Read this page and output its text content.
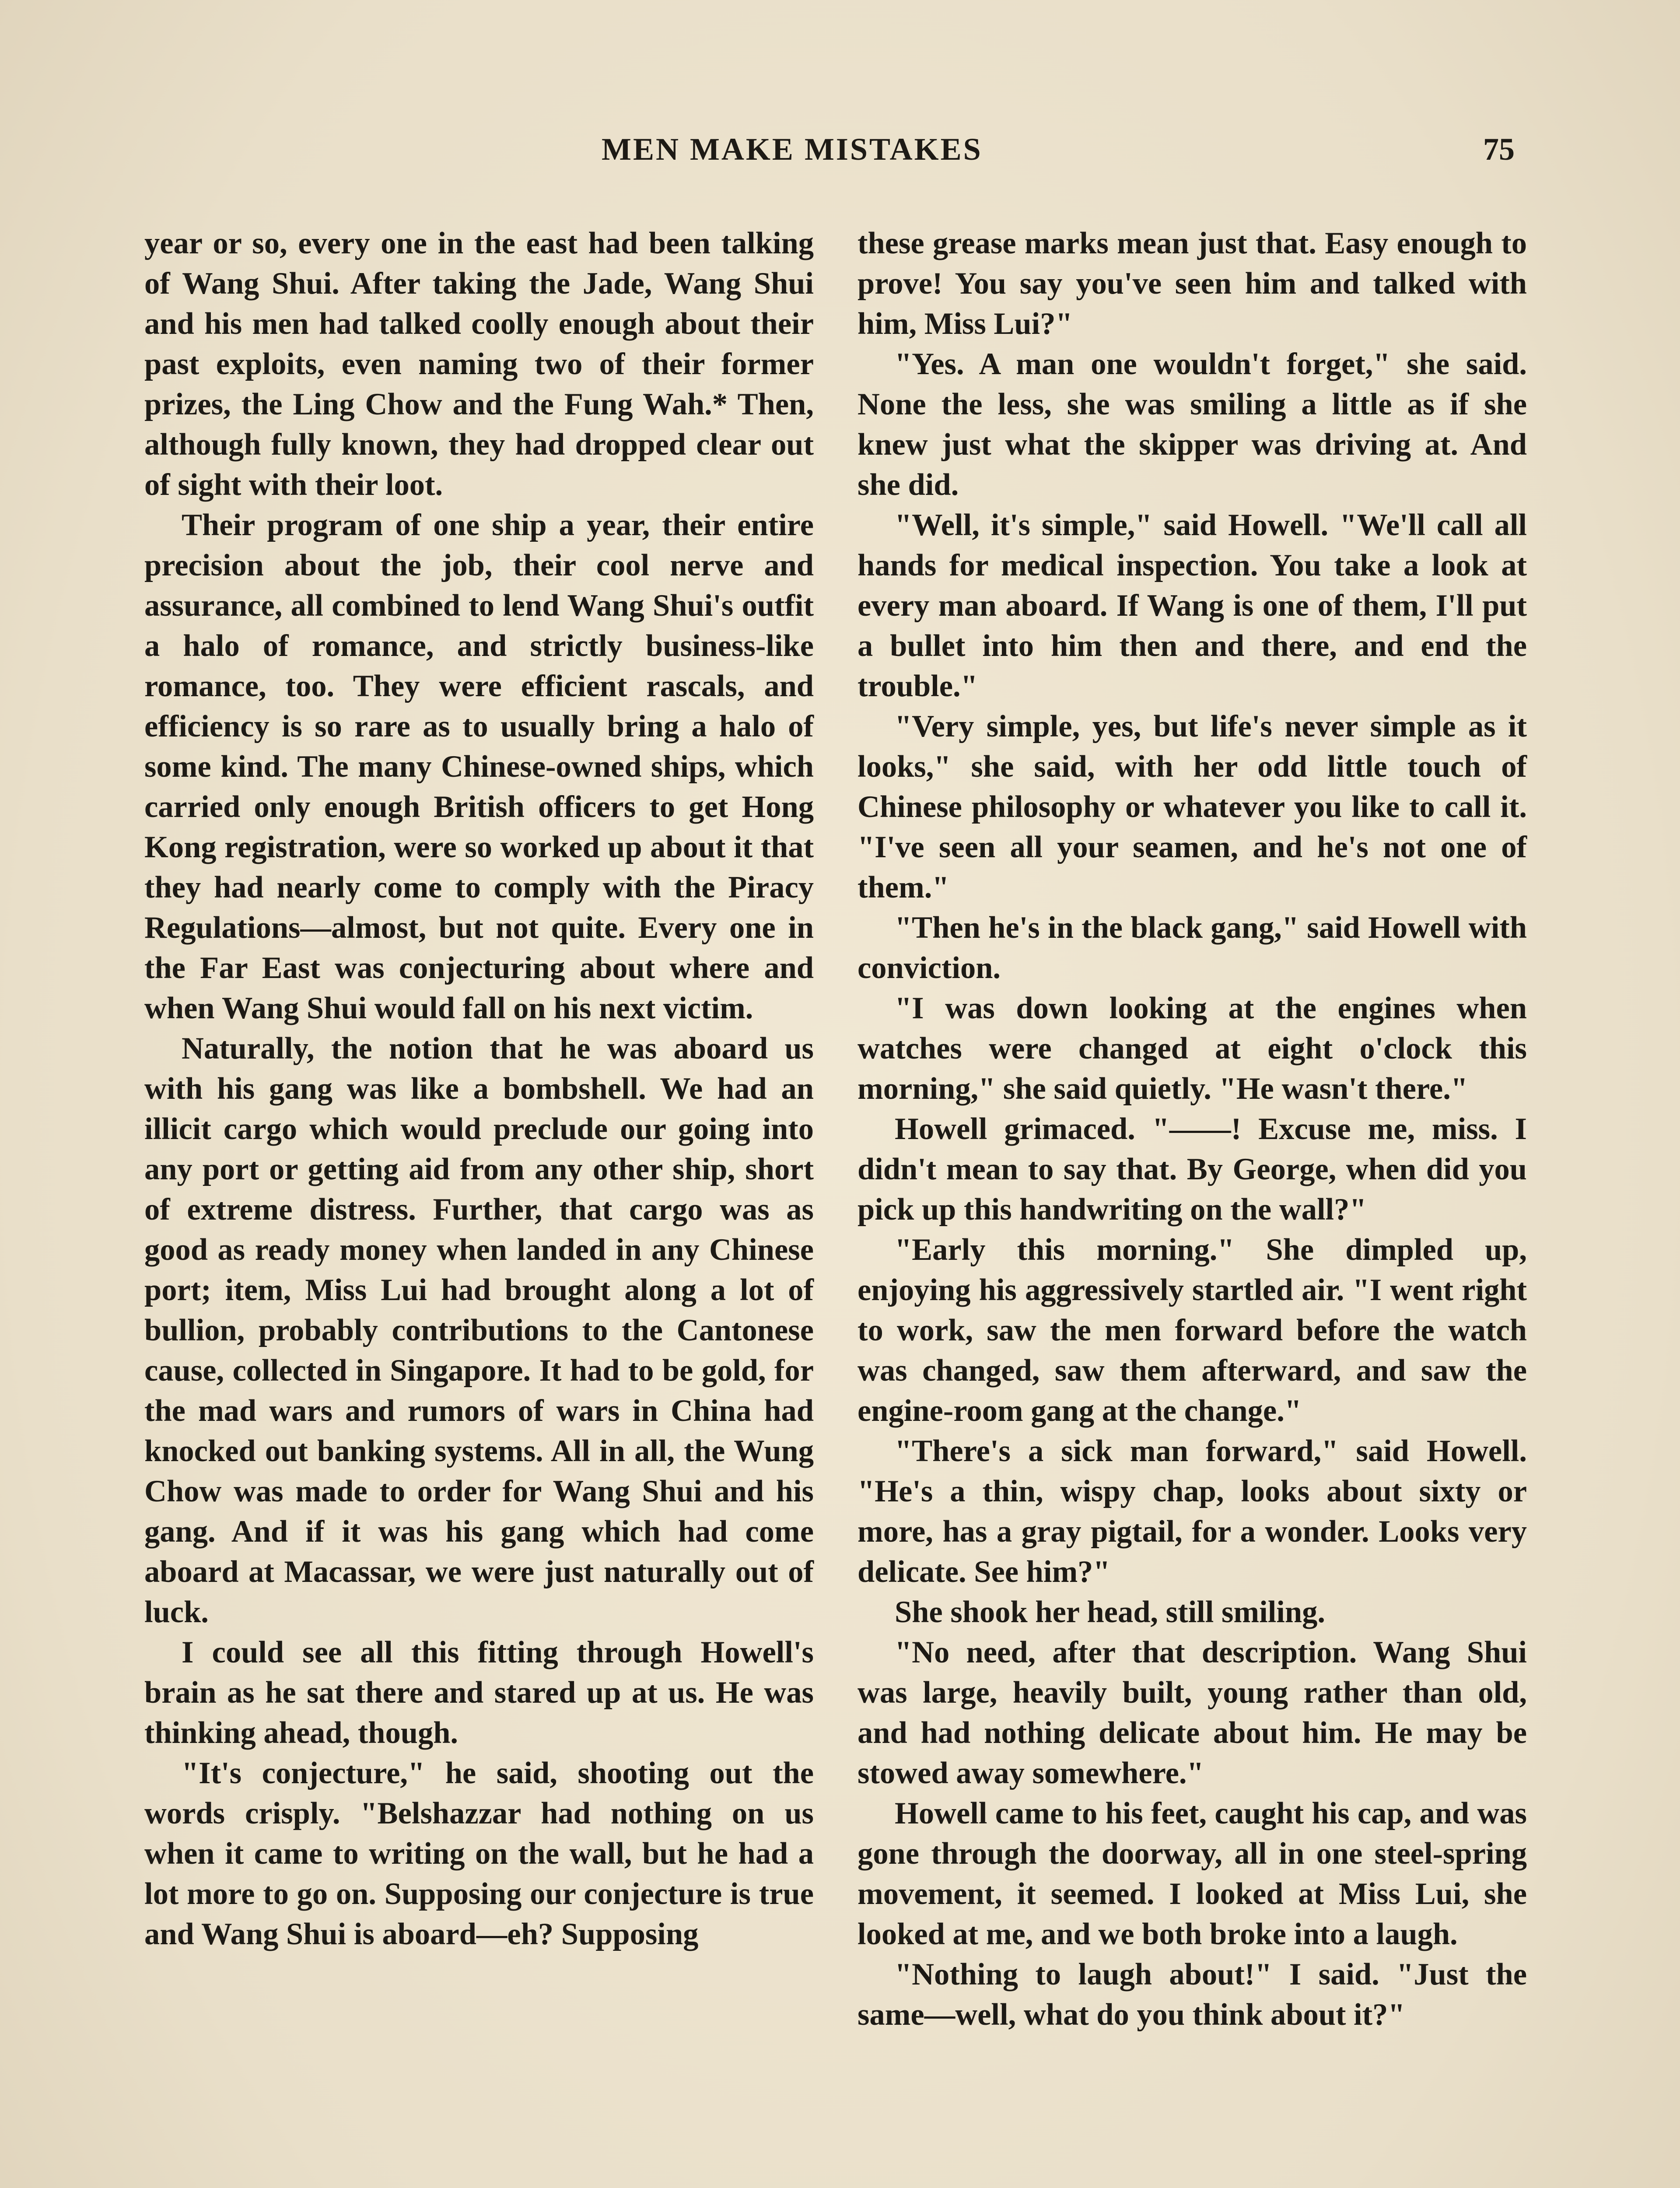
MEN MAKE MISTAKES	75

year or so, every one in the east had been talking of Wang Shui. After taking the Jade, Wang Shui and his men had talked coolly enough about their past exploits, even naming two of their former prizes, the Ling Chow and the Fung Wah.* Then, although fully known, they had dropped clear out of sight with their loot.

Their program of one ship a year, their entire precision about the job, their cool nerve and assurance, all combined to lend Wang Shui's outfit a halo of romance, and strictly business-like romance, too. They were efficient rascals, and efficiency is so rare as to usually bring a halo of some kind. The many Chinese-owned ships, which carried only enough British officers to get Hong Kong registration, were so worked up about it that they had nearly come to comply with the Piracy Regulations—almost, but not quite. Every one in the Far East was conjecturing about where and when Wang Shui would fall on his next victim.

Naturally, the notion that he was aboard us with his gang was like a bombshell. We had an illicit cargo which would preclude our going into any port or getting aid from any other ship, short of extreme distress. Further, that cargo was as good as ready money when landed in any Chinese port; item, Miss Lui had brought along a lot of bullion, probably contributions to the Cantonese cause, collected in Singapore. It had to be gold, for the mad wars and rumors of wars in China had knocked out banking systems. All in all, the Wung Chow was made to order for Wang Shui and his gang. And if it was his gang which had come aboard at Macassar, we were just naturally out of luck.

I could see all this fitting through Howell's brain as he sat there and stared up at us. He was thinking ahead, though.

"It's conjecture," he said, shooting out the words crisply. "Belshazzar had nothing on us when it came to writing on the wall, but he had a lot more to go on. Supposing our conjecture is true and Wang Shui is aboard—eh? Supposing

these grease marks mean just that. Easy enough to prove! You say you've seen him and talked with him, Miss Lui?"

"Yes. A man one wouldn't forget," she said. None the less, she was smiling a little as if she knew just what the skipper was driving at. And she did.

"Well, it's simple," said Howell. "We'll call all hands for medical inspection. You take a look at every man aboard. If Wang is one of them, I'll put a bullet into him then and there, and end the trouble."

"Very simple, yes, but life's never simple as it looks," she said, with her odd little touch of Chinese philosophy or whatever you like to call it. "I've seen all your seamen, and he's not one of them."

"Then he's in the black gang," said Howell with conviction.

"I was down looking at the engines when watches were changed at eight o'clock this morning," she said quietly. "He wasn't there."

Howell grimaced. "——! Excuse me, miss. I didn't mean to say that. By George, when did you pick up this handwriting on the wall?"

"Early this morning." She dimpled up, enjoying his aggressively startled air. "I went right to work, saw the men forward before the watch was changed, saw them afterward, and saw the engine-room gang at the change."

"There's a sick man forward," said Howell. "He's a thin, wispy chap, looks about sixty or more, has a gray pigtail, for a wonder. Looks very delicate. See him?"

She shook her head, still smiling.

"No need, after that description. Wang Shui was large, heavily built, young rather than old, and had nothing delicate about him. He may be stowed away somewhere."

Howell came to his feet, caught his cap, and was gone through the doorway, all in one steel-spring movement, it seemed. I looked at Miss Lui, she looked at me, and we both broke into a laugh.

"Nothing to laugh about!" I said. "Just the same—well, what do you think about it?"
